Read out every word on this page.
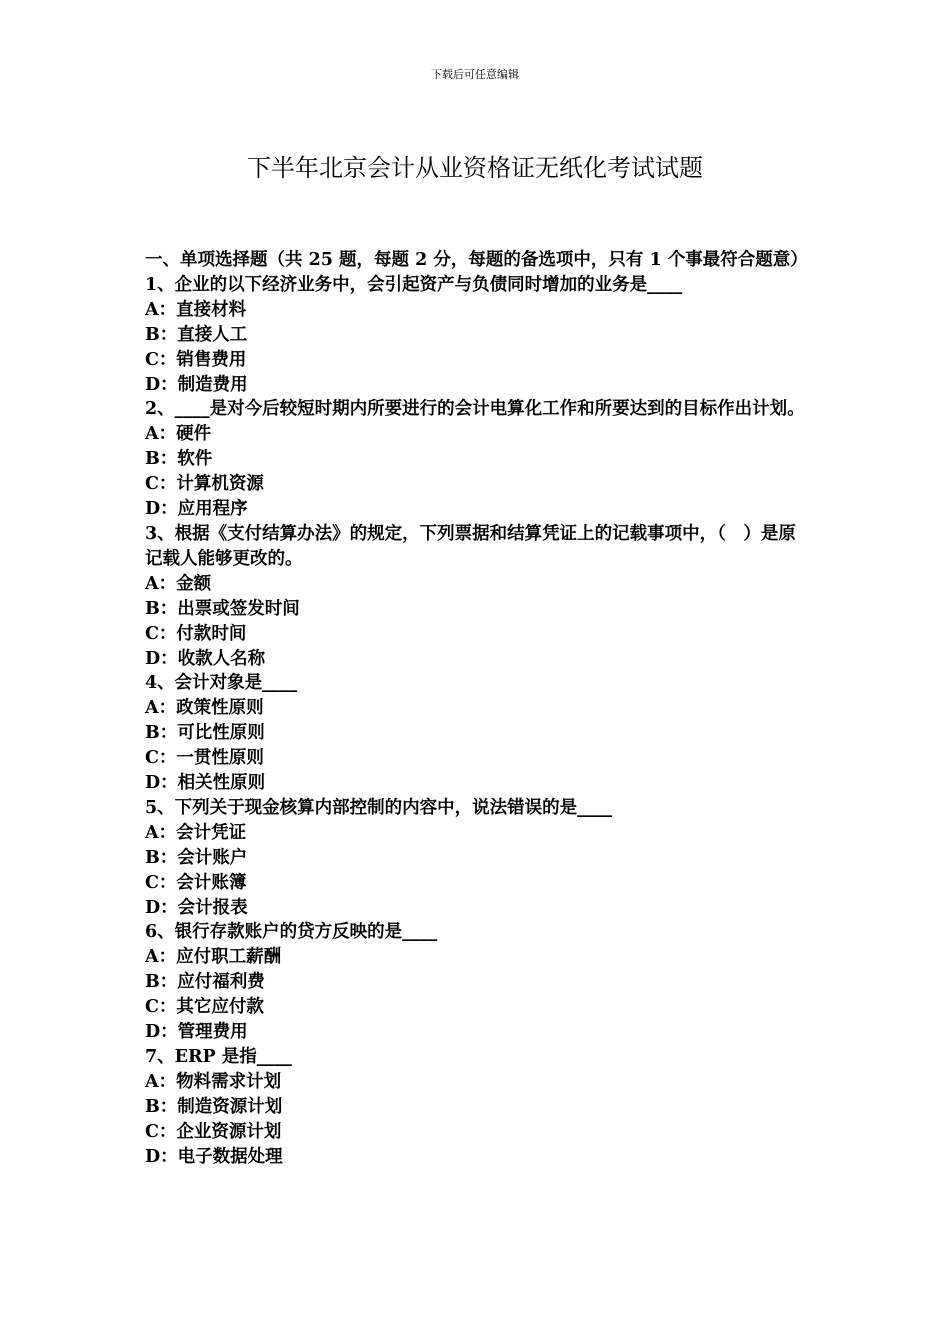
下载后可任意编辑
下半年北京会计从业资格证无纸化考试试题

一、单项选择题（共 25 题，每题 2 分，每题的备选项中，只有 1 个事最符合题意）

1、企业的以下经济业务中，会引起资产与负债同时增加的业务是____

A：直接材料

B：直接人工

C：销售费用

D：制造费用

2、____是对今后较短时期内所要进行的会计电算化工作和所要达到的目标作出计划。

A：硬件

B：软件

C：计算机资源

D：应用程序

3、根据《支付结算办法》的规定，下列票据和结算凭证上的记载事项中，（　）是原记载人能够更改的。

A：金额

B：出票或签发时间

C：付款时间

D：收款人名称

4、会计对象是____

A：政策性原则

B：可比性原则

C：一贯性原则

D：相关性原则

5、下列关于现金核算内部控制的内容中，说法错误的是____

A：会计凭证

B：会计账户

C：会计账簿

D：会计报表

6、银行存款账户的贷方反映的是____

A：应付职工薪酬

B：应付福利费

C：其它应付款

D：管理费用

7、ERP 是指____

A：物料需求计划

B：制造资源计划

C：企业资源计划

D：电子数据处理
